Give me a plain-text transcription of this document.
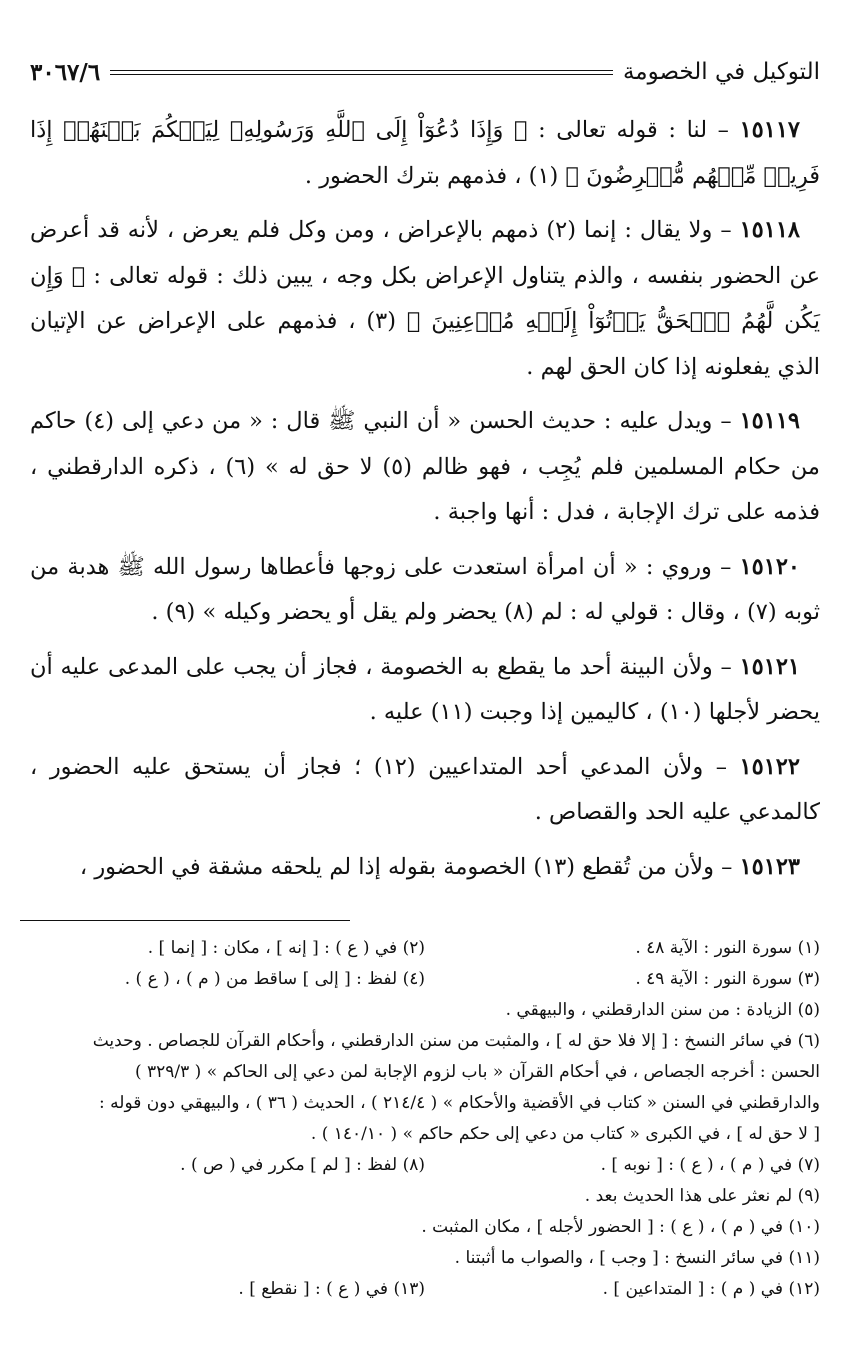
التوكيل في الخصومة
٣٠٦٧/٦

١٥١١٧ – لنا : قوله تعالى : ﴿ وَإِذَا دُعُوٓاْ إِلَى ٱللَّهِ وَرَسُولِهِۦ لِيَحۡكُمَ بَيۡنَهُمۡ إِذَا فَرِيقٞ مِّنۡهُم مُّعۡرِضُونَ ﴾ (١) ، فذمهم بترك الحضور .

١٥١١٨ – ولا يقال : إنما (٢) ذمهم بالإعراض ، ومن وكل فلم يعرض ، لأنه قد أعرض عن الحضور بنفسه ، والذم يتناول الإعراض بكل وجه ، يبين ذلك : قوله تعالى : ﴿ وَإِن يَكُن لَّهُمُ ٱلۡحَقُّ يَأۡتُوٓاْ إِلَيۡهِ مُذۡعِنِينَ ﴾ (٣) ، فذمهم على الإعراض عن الإتيان الذي يفعلونه إذا كان الحق لهم .

١٥١١٩ – ويدل عليه : حديث الحسن « أن النبي ﷺ قال : « من دعي إلى (٤) حاكم من حكام المسلمين فلم يُجِب ، فهو ظالم (٥) لا حق له » (٦) ، ذكره الدارقطني ، فذمه على ترك الإجابة ، فدل : أنها واجبة .

١٥١٢٠ – وروي : « أن امرأة استعدت على زوجها فأعطاها رسول الله ﷺ هدبة من ثوبه (٧) ، وقال : قولي له : لم (٨) يحضر ولم يقل أو يحضر وكيله » (٩) .

١٥١٢١ – ولأن البينة أحد ما يقطع به الخصومة ، فجاز أن يجب على المدعى عليه أن يحضر لأجلها (١٠) ، كاليمين إذا وجبت (١١) عليه .

١٥١٢٢ – ولأن المدعي أحد المتداعيين (١٢) ؛ فجاز أن يستحق عليه الحضور ، كالمدعي عليه الحد والقصاص .

١٥١٢٣ – ولأن من تُقطع (١٣) الخصومة بقوله إذا لم يلحقه مشقة في الحضور ،

(١) سورة النور : الآية ٤٨ .
(٢) في ( ع ) : [ إنه ] ، مكان : [ إنما ] .
(٣) سورة النور : الآية ٤٩ .
(٤) لفظ : [ إلى ] ساقط من ( م ) ، ( ع ) .
(٥) الزيادة : من سنن الدارقطني ، والبيهقي .
(٦) في سائر النسخ : [ إلا فلا حق له ] ، والمثبت من سنن الدارقطني ، وأحكام القرآن للجصاص . وحديث
الحسن : أخرجه الجصاص ، في أحكام القرآن « باب لزوم الإجابة لمن دعي إلى الحاكم » ( ٣٢٩/٣ )
والدارقطني في السنن « كتاب في الأقضية والأحكام » ( ٢١٤/٤ ) ، الحديث ( ٣٦ ) ، والبيهقي دون قوله :
[ لا حق له ] ، في الكبرى « كتاب من دعي إلى حكم حاكم » ( ١٤٠/١٠ ) .
(٧) في ( م ) ، ( ع ) : [ نوبه ] .
(٨) لفظ : [ لم ] مكرر في ( ص ) .
(٩) لم نعثر على هذا الحديث بعد .
(١٠) في ( م ) ، ( ع ) : [ الحضور لأجله ] ، مكان المثبت .
(١١) في سائر النسخ : [ وجب ] ، والصواب ما أثبتنا .
(١٢) في ( م ) : [ المتداعين ] .
(١٣) في ( ع ) : [ نقطع ] .
